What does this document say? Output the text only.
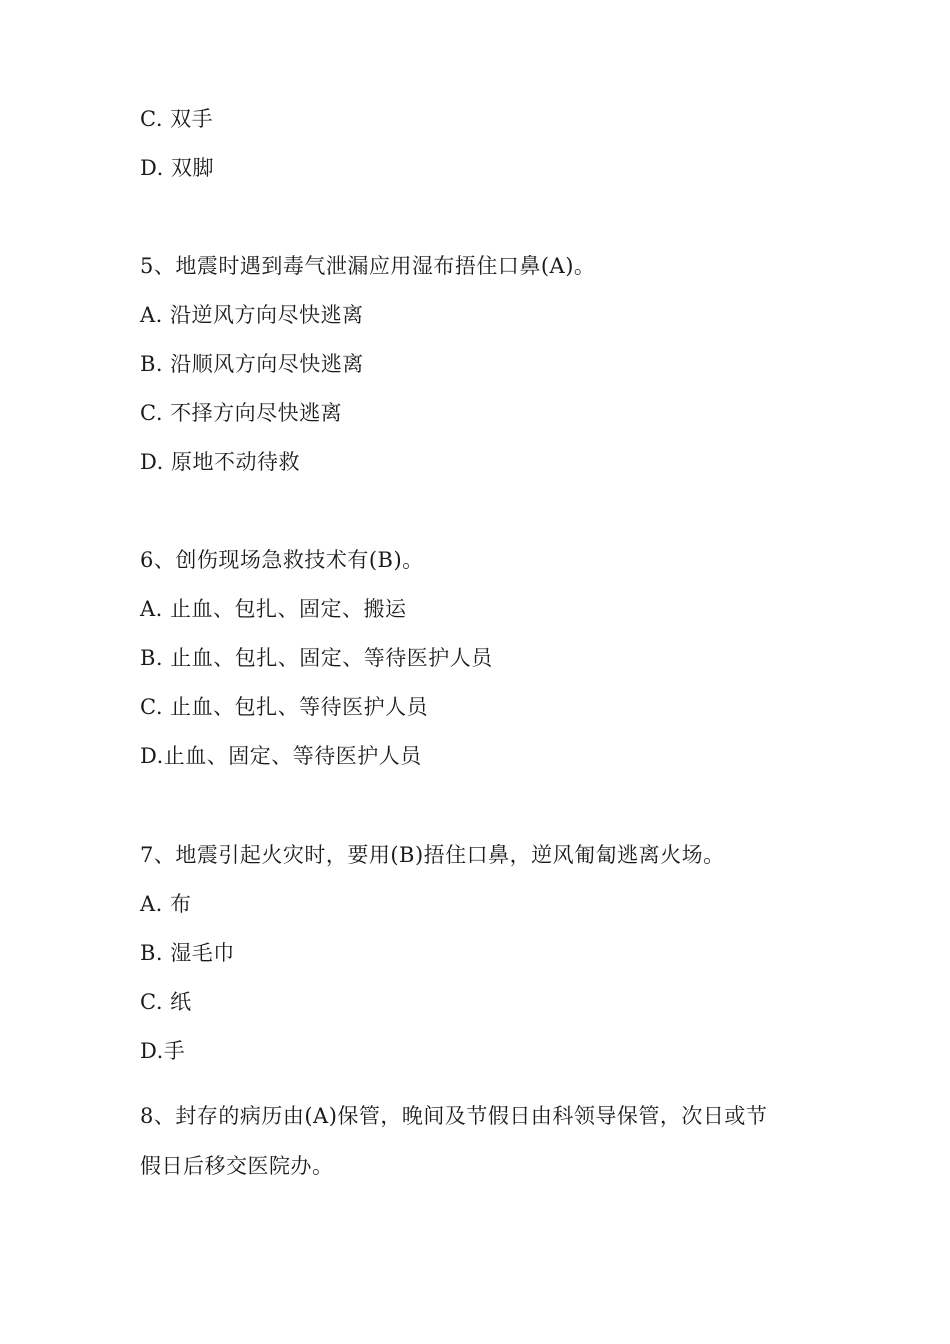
C. 双手
D. 双脚
5、地震时遇到毒气泄漏应用湿布捂住口鼻(A)。
A. 沿逆风方向尽快逃离
B. 沿顺风方向尽快逃离
C. 不择方向尽快逃离
D. 原地不动待救
6、创伤现场急救技术有(B)。
A. 止血、包扎、固定、搬运
B. 止血、包扎、固定、等待医护人员
C. 止血、包扎、等待医护人员
D.止血、固定、等待医护人员
7、地震引起火灾时，要用(B)捂住口鼻，逆风匍匐逃离火场。
A. 布
B. 湿毛巾
C. 纸
D.手
8、封存的病历由(A)保管，晚间及节假日由科领导保管，次日或节
假日后移交医院办。
